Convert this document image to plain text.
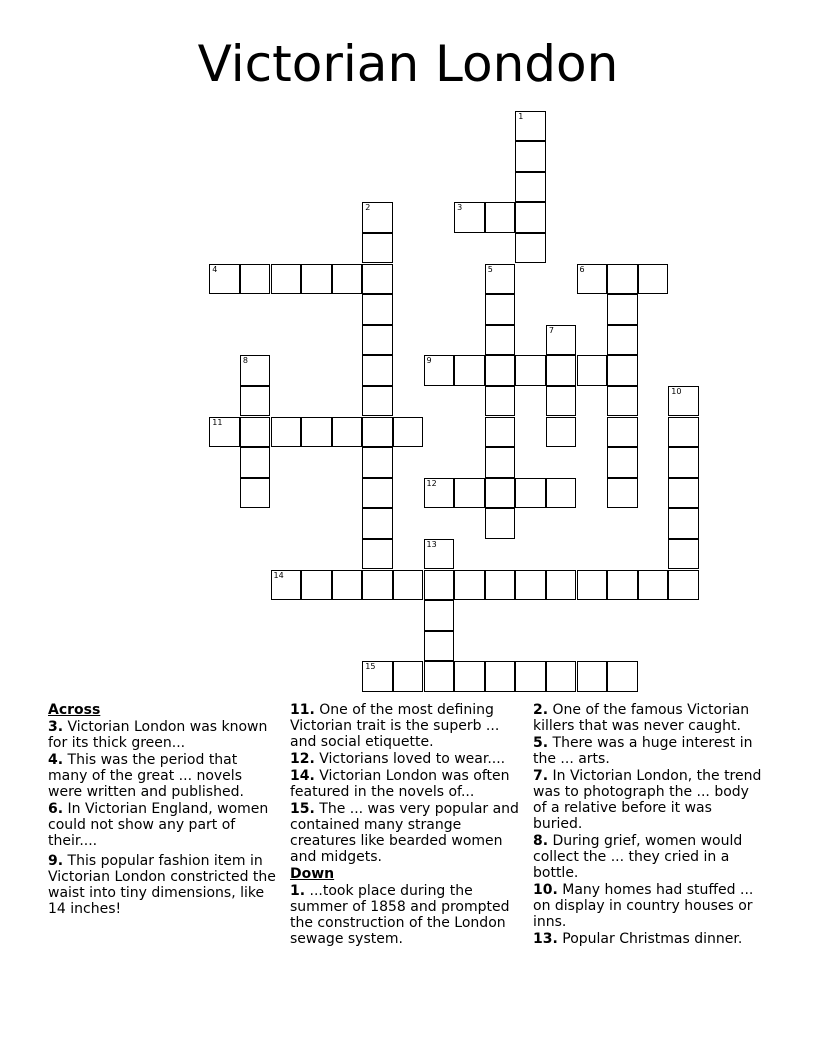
Victorian London
1
3
2
4	5	6
7
8	9
10
11
12
13
14
15
Across
3. Victorian London was known for its thick green...
4. This was the period that many of the great ... novels were written and published.
6. In Victorian England, women could not show any part of their....
9. This popular fashion item in Victorian London constricted the waist into tiny dimensions, like 14 inches!
11. One of the most defining Victorian trait is the superb ... and social etiquette.
12. Victorians loved to wear....
14. Victorian London was often featured in the novels of...
15. The ... was very popular and contained many strange creatures like bearded women and midgets.
Down
1. ...took place during the summer of 1858 and prompted the construction of the London sewage system.
2. One of the famous Victorian killers that was never caught.
5. There was a huge interest in the ... arts.
7. In Victorian London, the trend was to photograph the ... body of a relative before it was buried.
8. During grief, women would collect the ... they cried in a bottle.
10. Many homes had stuffed ... on display in country houses or inns.
13. Popular Christmas dinner.
